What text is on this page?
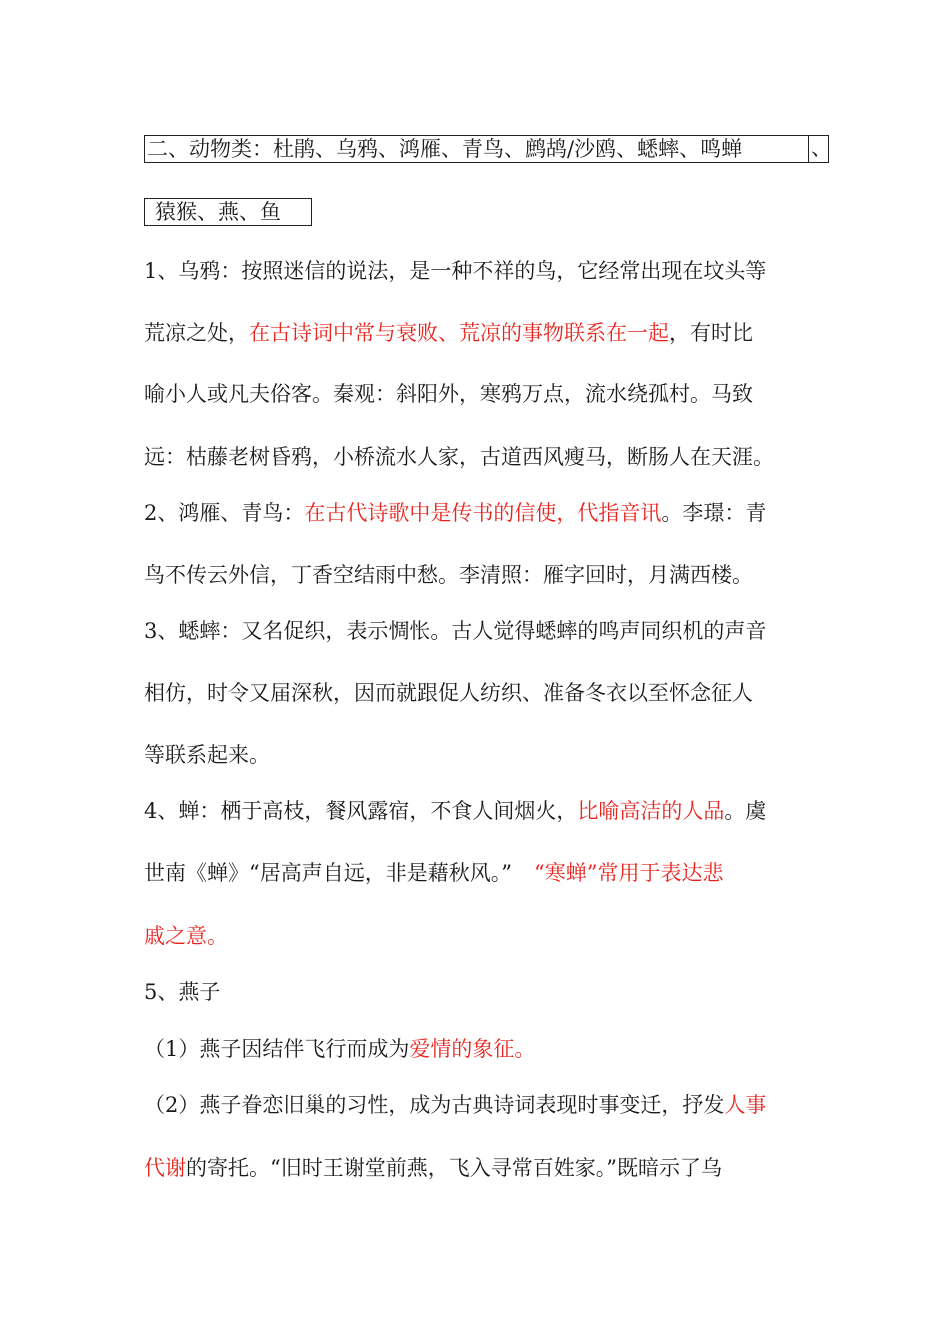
二、动物类：杜鹃、乌鸦、鸿雁、青鸟、鹧鸪/沙鸥、蟋蟀、鸣蝉	、
猿猴、燕、鱼
1、乌鸦：按照迷信的说法，是一种不祥的鸟，它经常出现在坟头等
荒凉之处，在古诗词中常与衰败、荒凉的事物联系在一起，有时比
喻小人或凡夫俗客。秦观：斜阳外，寒鸦万点，流水绕孤村。马致
远：枯藤老树昏鸦，小桥流水人家，古道西风瘦马，断肠人在天涯。
2、鸿雁、青鸟：在古代诗歌中是传书的信使，代指音讯。李璟：青
鸟不传云外信，丁香空结雨中愁。李清照：雁字回时，月满西楼。
3、蟋蟀：又名促织，表示惆怅。古人觉得蟋蟀的鸣声同织机的声音
相仿，时令又届深秋，因而就跟促人纺织、准备冬衣以至怀念征人
等联系起来。
4、蝉：栖于高枝，餐风露宿，不食人间烟火，比喻高洁的人品。虞
世南《蝉》“居高声自远，非是藉秋风。” “寒蝉”常用于表达悲
戚之意。
5、燕子
（1）燕子因结伴飞行而成为爱情的象征。
（2）燕子眷恋旧巢的习性，成为古典诗词表现时事变迁，抒发人事
代谢的寄托。“旧时王谢堂前燕，飞入寻常百姓家。”既暗示了乌
